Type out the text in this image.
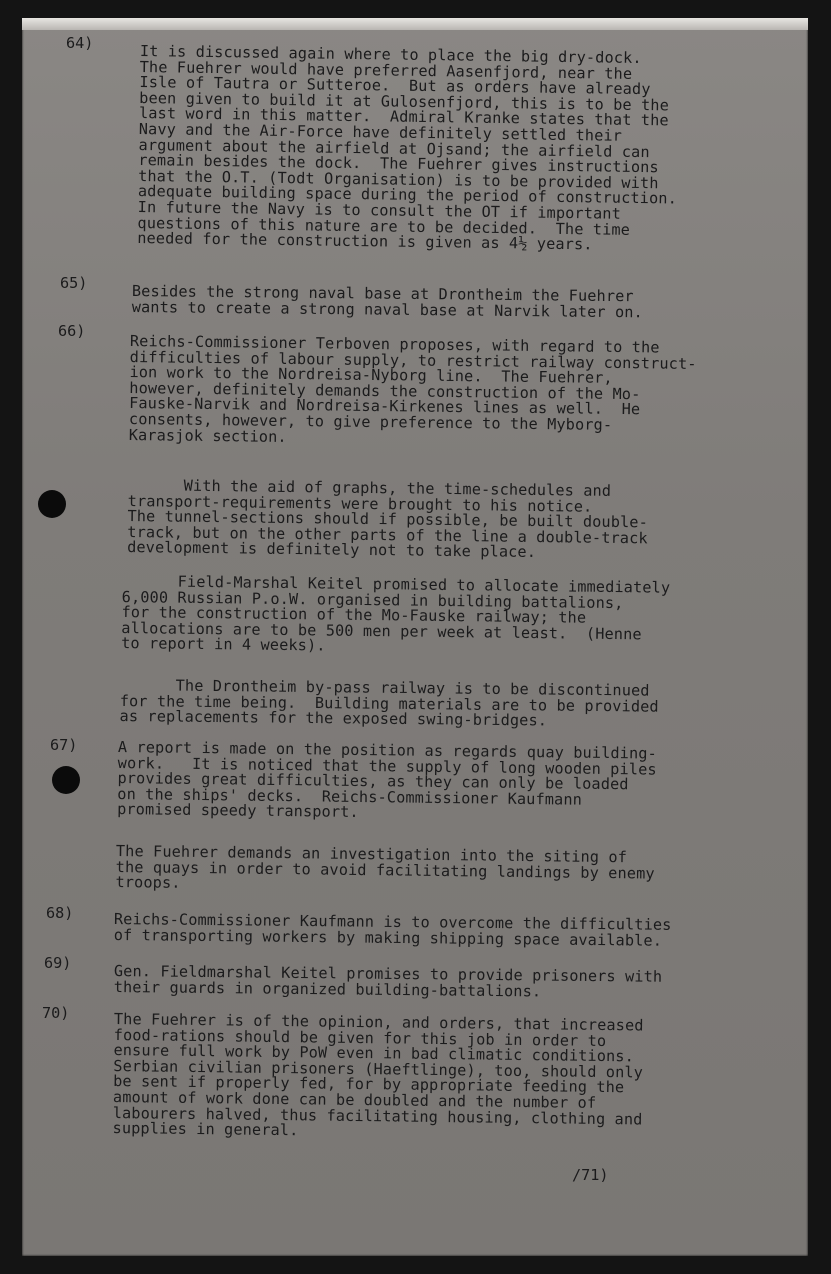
64)	It is discussed again where to place the big dry-dock.
The Fuehrer would have preferred Aasenfjord, near the
Isle of Tautra or Sutteroe.  But as orders have already
been given to build it at Gulosenfjord, this is to be the
last word in this matter.  Admiral Kranke states that the
Navy and the Air-Force have definitely settled their
argument about the airfield at Ojsand; the airfield can
remain besides the dock.  The Fuehrer gives instructions
that the O.T. (Todt Organisation) is to be provided with
adequate building space during the period of construction.
In future the Navy is to consult the OT if important
questions of this nature are to be decided.  The time
needed for the construction is given as 4½ years.
65)	Besides the strong naval base at Drontheim the Fuehrer
wants to create a strong naval base at Narvik later on.
66)
Reichs-Commissioner Terboven proposes, with regard to the
difficulties of labour supply, to restrict railway construct-
ion work to the Nordreisa-Nyborg line.  The Fuehrer,
however, definitely demands the construction of the Mo-
Fauske-Narvik and Nordreisa-Kirkenes lines as well.  He
consents, however, to give preference to the Myborg-
Karasjok section.
With the aid of graphs, the time-schedules and
transport-requirements were brought to his notice.
The tunnel-sections should if possible, be built double-
track, but on the other parts of the line a double-track
development is definitely not to take place.
Field-Marshal Keitel promised to allocate immediately
6,000 Russian P.o.W. organised in building battalions,
for the construction of the Mo-Fauske railway; the
allocations are to be 500 men per week at least.  (Henne
to report in 4 weeks).
The Drontheim by-pass railway is to be discontinued
for the time being.  Building materials are to be provided
as replacements for the exposed swing-bridges.
67)	A report is made on the position as regards quay building-
work.   It is noticed that the supply of long wooden piles
provides great difficulties, as they can only be loaded
on the ships' decks.  Reichs-Commissioner Kaufmann
promised speedy transport.
The Fuehrer demands an investigation into the siting of
the quays in order to avoid facilitating landings by enemy
troops.
68)	Reichs-Commissioner Kaufmann is to overcome the difficulties
of transporting workers by making shipping space available.
69)	Gen. Fieldmarshal Keitel promises to provide prisoners with
their guards in organized building-battalions.
70)	The Fuehrer is of the opinion, and orders, that increased
food-rations should be given for this job in order to
ensure full work by PoW even in bad climatic conditions.
Serbian civilian prisoners (Haeftlinge), too, should only
be sent if properly fed, for by appropriate feeding the
amount of work done can be doubled and the number of
labourers halved, thus facilitating housing, clothing and
supplies in general.
/71)
